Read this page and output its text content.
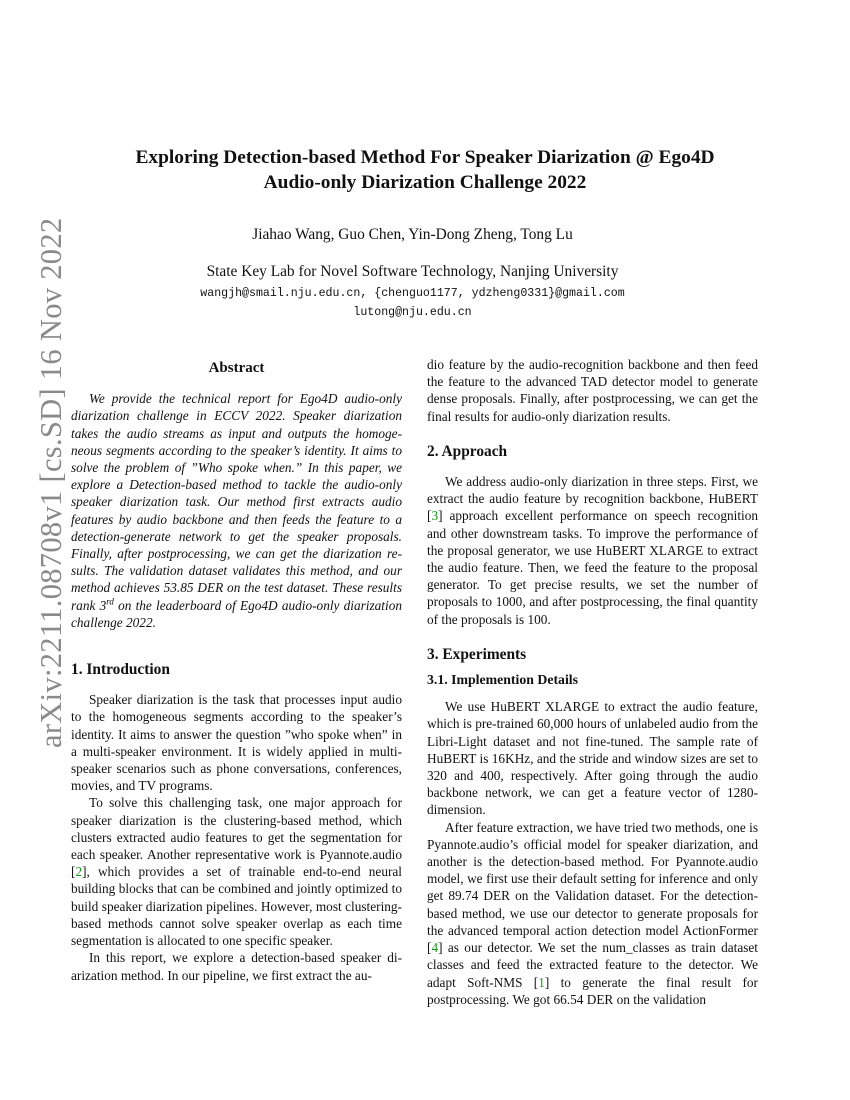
arXiv:2211.08708v1 [cs.SD] 16 Nov 2022
Exploring Detection-based Method For Speaker Diarization @ Ego4D
Audio-only Diarization Challenge 2022
Jiahao Wang, Guo Chen, Yin-Dong Zheng, Tong Lu
State Key Lab for Novel Software Technology, Nanjing University
wangjh@smail.nju.edu.cn, {chenguo1177, ydzheng0331}@gmail.com
lutong@nju.edu.cn
Abstract

We provide the technical report for Ego4D audio-only diarization challenge in ECCV 2022. Speaker diarization takes the audio streams as input and outputs the homogeneous segments according to the speaker’s identity. It aims to solve the problem of ”Who spoke when.” In this paper, we explore a Detection-based method to tackle the audio-only speaker diarization task. Our method first extracts audio features by audio backbone and then feeds the feature to a detection-generate network to get the speaker proposals. Finally, after postprocessing, we can get the diarization results. The validation dataset validates this method, and our method achieves 53.85 DER on the test dataset. These results rank 3rd on the leaderboard of Ego4D audio-only diarization challenge 2022.

1. Introduction

Speaker diarization is the task that processes input audio to the homogeneous segments according to the speaker’s identity. It aims to answer the question ”who spoke when” in a multi-speaker environment. It is widely applied in multi-speaker scenarios such as phone conversations, conferences, movies, and TV programs.

To solve this challenging task, one major approach for speaker diarization is the clustering-based method, which clusters extracted audio features to get the segmentation for each speaker. Another representative work is Pyannote.audio [2], which provides a set of trainable end-to-end neural building blocks that can be combined and jointly optimized to build speaker diarization pipelines. However, most clustering-based methods cannot solve speaker overlap as each time segmentation is allocated to one specific speaker.

In this report, we explore a detection-based speaker diarization method. In our pipeline, we first extract the au-

dio feature by the audio-recognition backbone and then feed the feature to the advanced TAD detector model to generate dense proposals. Finally, after postprocessing, we can get the final results for audio-only diarization results.

2. Approach

We address audio-only diarization in three steps. First, we extract the audio feature by recognition backbone, HuBERT [3] approach excellent performance on speech recognition and other downstream tasks. To improve the performance of the proposal generator, we use HuBERT XLARGE to extract the audio feature. Then, we feed the feature to the proposal generator. To get precise results, we set the number of proposals to 1000, and after postprocessing, the final quantity of the proposals is 100.

3. Experiments
3.1. Implemention Details

We use HuBERT XLARGE to extract the audio feature, which is pre-trained 60,000 hours of unlabeled audio from the Libri-Light dataset and not fine-tuned. The sample rate of HuBERT is 16KHz, and the stride and window sizes are set to 320 and 400, respectively. After going through the audio backbone network, we can get a feature vector of 1280-dimension.

After feature extraction, we have tried two methods, one is Pyannote.audio’s official model for speaker diarization, and another is the detection-based method. For Pyannote.audio model, we first use their default setting for inference and only get 89.74 DER on the Validation dataset. For the detection-based method, we use our detector to generate proposals for the advanced temporal action detection model ActionFormer [4] as our detector. We set the num_classes as train dataset classes and feed the extracted feature to the detector. We adapt Soft-NMS [1] to generate the final result for postprocessing. We got 66.54 DER on the validation
